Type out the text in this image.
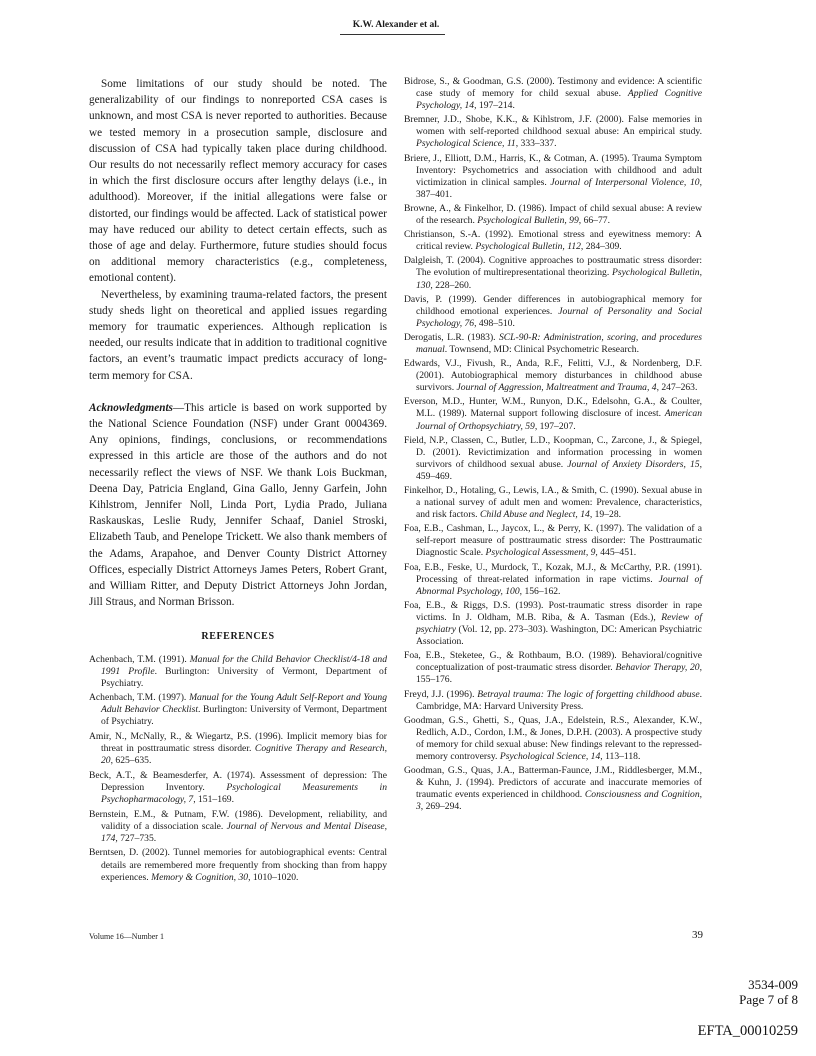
K.W. Alexander et al.

Some limitations of our study should be noted. The generalizability of our findings to nonreported CSA cases is unknown, and most CSA is never reported to authorities. Because we tested memory in a prosecution sample, disclosure and discussion of CSA had typically taken place during childhood. Our results do not necessarily reflect memory accuracy for cases in which the first disclosure occurs after lengthy delays (i.e., in adulthood). Moreover, if the initial allegations were false or distorted, our findings would be affected. Lack of statistical power may have reduced our ability to detect certain effects, such as those of age and delay. Furthermore, future studies should focus on additional memory characteristics (e.g., completeness, emotional content).

Nevertheless, by examining trauma-related factors, the present study sheds light on theoretical and applied issues regarding memory for traumatic experiences. Although replication is needed, our results indicate that in addition to traditional cognitive factors, an event’s traumatic impact predicts accuracy of long-term memory for CSA.

Acknowledgments—This article is based on work supported by the National Science Foundation (NSF) under Grant 0004369. Any opinions, findings, conclusions, or recommendations expressed in this article are those of the authors and do not necessarily reflect the views of NSF. We thank Lois Buckman, Deena Day, Patricia England, Gina Gallo, Jenny Garfein, John Kihlstrom, Jennifer Noll, Linda Port, Lydia Prado, Juliana Raskauskas, Leslie Rudy, Jennifer Schaaf, Daniel Stroski, Elizabeth Taub, and Penelope Trickett. We also thank members of the Adams, Arapahoe, and Denver County District Attorney Offices, especially District Attorneys James Peters, Robert Grant, and William Ritter, and Deputy District Attorneys John Jordan, Jill Straus, and Norman Brisson.

REFERENCES
Achenbach, T.M. (1991). Manual for the Child Behavior Checklist/4-18 and 1991 Profile. Burlington: University of Vermont, Department of Psychiatry.
Achenbach, T.M. (1997). Manual for the Young Adult Self-Report and Young Adult Behavior Checklist. Burlington: University of Vermont, Department of Psychiatry.
Amir, N., McNally, R., & Wiegartz, P.S. (1996). Implicit memory bias for threat in posttraumatic stress disorder. Cognitive Therapy and Research, 20, 625–635.
Beck, A.T., & Beamesderfer, A. (1974). Assessment of depression: The Depression Inventory. Psychological Measurements in Psychopharmacology, 7, 151–169.
Bernstein, E.M., & Putnam, F.W. (1986). Development, reliability, and validity of a dissociation scale. Journal of Nervous and Mental Disease, 174, 727–735.
Berntsen, D. (2002). Tunnel memories for autobiographical events: Central details are remembered more frequently from shocking than from happy experiences. Memory & Cognition, 30, 1010–1020.
Bidrose, S., & Goodman, G.S. (2000). Testimony and evidence: A scientific case study of memory for child sexual abuse. Applied Cognitive Psychology, 14, 197–214.
Bremner, J.D., Shobe, K.K., & Kihlstrom, J.F. (2000). False memories in women with self-reported childhood sexual abuse: An empirical study. Psychological Science, 11, 333–337.
Briere, J., Elliott, D.M., Harris, K., & Cotman, A. (1995). Trauma Symptom Inventory: Psychometrics and association with childhood and adult victimization in clinical samples. Journal of Interpersonal Violence, 10, 387–401.
Browne, A., & Finkelhor, D. (1986). Impact of child sexual abuse: A review of the research. Psychological Bulletin, 99, 66–77.
Christianson, S.-A. (1992). Emotional stress and eyewitness memory: A critical review. Psychological Bulletin, 112, 284–309.
Dalgleish, T. (2004). Cognitive approaches to posttraumatic stress disorder: The evolution of multirepresentational theorizing. Psychological Bulletin, 130, 228–260.
Davis, P. (1999). Gender differences in autobiographical memory for childhood emotional experiences. Journal of Personality and Social Psychology, 76, 498–510.
Derogatis, L.R. (1983). SCL-90-R: Administration, scoring, and procedures manual. Townsend, MD: Clinical Psychometric Research.
Edwards, V.J., Fivush, R., Anda, R.F., Felitti, V.J., & Nordenberg, D.F. (2001). Autobiographical memory disturbances in childhood abuse survivors. Journal of Aggression, Maltreatment and Trauma, 4, 247–263.
Everson, M.D., Hunter, W.M., Runyon, D.K., Edelsohn, G.A., & Coulter, M.L. (1989). Maternal support following disclosure of incest. American Journal of Orthopsychiatry, 59, 197–207.
Field, N.P., Classen, C., Butler, L.D., Koopman, C., Zarcone, J., & Spiegel, D. (2001). Revictimization and information processing in women survivors of childhood sexual abuse. Journal of Anxiety Disorders, 15, 459–469.
Finkelhor, D., Hotaling, G., Lewis, I.A., & Smith, C. (1990). Sexual abuse in a national survey of adult men and women: Prevalence, characteristics, and risk factors. Child Abuse and Neglect, 14, 19–28.
Foa, E.B., Cashman, L., Jaycox, L., & Perry, K. (1997). The validation of a self-report measure of posttraumatic stress disorder: The Posttraumatic Diagnostic Scale. Psychological Assessment, 9, 445–451.
Foa, E.B., Feske, U., Murdock, T., Kozak, M.J., & McCarthy, P.R. (1991). Processing of threat-related information in rape victims. Journal of Abnormal Psychology, 100, 156–162.
Foa, E.B., & Riggs, D.S. (1993). Post-traumatic stress disorder in rape victims. In J. Oldham, M.B. Riba, & A. Tasman (Eds.), Review of psychiatry (Vol. 12, pp. 273–303). Washington, DC: American Psychiatric Association.
Foa, E.B., Steketee, G., & Rothbaum, B.O. (1989). Behavioral/cognitive conceptualization of post-traumatic stress disorder. Behavior Therapy, 20, 155–176.
Freyd, J.J. (1996). Betrayal trauma: The logic of forgetting childhood abuse. Cambridge, MA: Harvard University Press.
Goodman, G.S., Ghetti, S., Quas, J.A., Edelstein, R.S., Alexander, K.W., Redlich, A.D., Cordon, I.M., & Jones, D.P.H. (2003). A prospective study of memory for child sexual abuse: New findings relevant to the repressed-memory controversy. Psychological Science, 14, 113–118.
Goodman, G.S., Quas, J.A., Batterman-Faunce, J.M., Riddlesberger, M.M., & Kuhn, J. (1994). Predictors of accurate and inaccurate memories of traumatic events experienced in childhood. Consciousness and Cognition, 3, 269–294.
Volume 16—Number 1	39
3534-009
Page 7 of 8
EFTA_00010259
